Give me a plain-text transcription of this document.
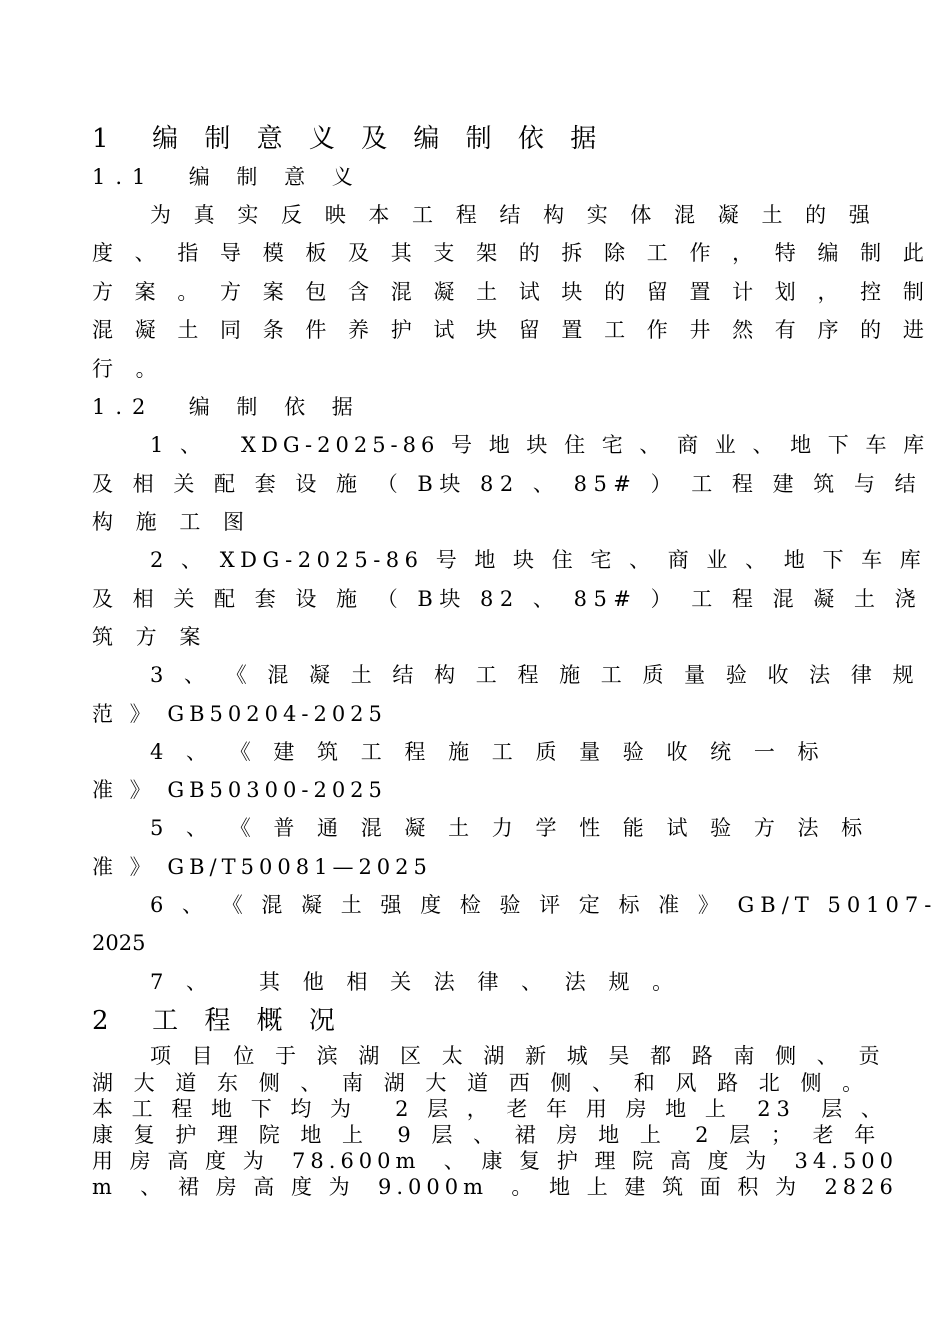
1  编 制 意 义 及 编 制 依 据
1.1  编 制 意 义
为 真 实 反 映 本 工 程 结 构 实 体 混 凝 土 的 强
度 、 指 导 模 板 及 其 支 架 的 拆 除 工 作 ， 特 编 制 此
方 案 。 方 案 包 含 混 凝 土 试 块 的 留 置 计 划 ， 控 制
混 凝 土 同 条 件 养 护 试 块 留 置 工 作 井 然 有 序 的 进
行 。
1.2  编 制 依 据
1 、   XDG-2025-86 号 地 块 住 宅 、 商 业 、 地 下 车 库
及 相 关 配 套 设 施 （ B块 82 、 85# ） 工 程 建 筑 与 结
构 施 工 图
2 、 XDG-2025-86 号 地 块 住 宅 、 商 业 、 地 下 车 库
及 相 关 配 套 设 施 （ B块 82 、 85# ） 工 程 混 凝 土 浇
筑 方 案
3 、 《 混 凝 土 结 构 工 程 施 工 质 量 验 收 法 律 规
范 》 GB50204-2025
4 、 《 建 筑 工 程 施 工 质 量 验 收 统 一 标
准 》 GB50300-2025
5 、 《 普 通 混 凝 土 力 学 性 能 试 验 方 法 标
准 》 GB/T50081—2025
6 、 《 混 凝 土 强 度 检 验 评 定 标 准 》 GB/T 50107-
2025
7 、   其 他 相 关 法 律 、 法 规 。
2  工 程 概 况
项 目 位 于 滨 湖 区 太 湖 新 城 吴 都 路 南 侧 、 贡
湖 大 道 东 侧 、 南 湖 大 道 西 侧 、 和 风 路 北 侧 。
本 工 程 地 下 均 为   2 层 ， 老 年 用 房 地 上  23  层 、
康 复 护 理 院 地 上  9 层 、 裙 房 地 上  2 层 ； 老 年
用 房 高 度 为  78.600m  、 康 复 护 理 院 高 度 为  34.500
m  、 裙 房 高 度 为  9.000m  。 地 上 建 筑 面 积 为  2826
